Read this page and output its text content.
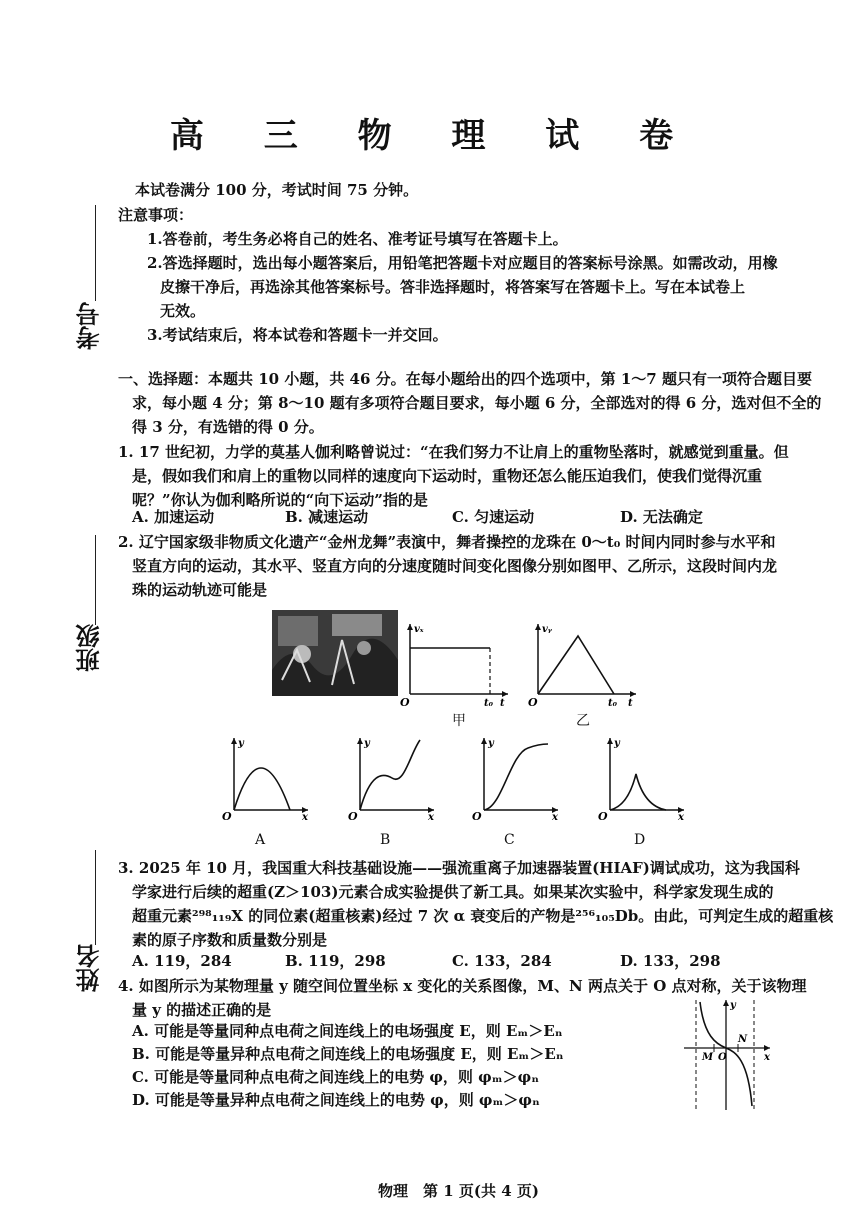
高 三 物 理 试 卷
考号
班级
姓名
本试卷满分 100 分，考试时间 75 分钟。
注意事项：
1.答卷前，考生务必将自己的姓名、准考证号填写在答题卡上。
2.答选择题时，选出每小题答案后，用铅笔把答题卡对应题目的答案标号涂黑。如需改动，用橡
皮擦干净后，再选涂其他答案标号。答非选择题时，将答案写在答题卡上。写在本试卷上
无效。
3.考试结束后，将本试卷和答题卡一并交回。
一、选择题：本题共 10 小题，共 46 分。在每小题给出的四个选项中，第 1～7 题只有一项符合题目要
求，每小题 4 分；第 8～10 题有多项符合题目要求，每小题 6 分，全部选对的得 6 分，选对但不全的
得 3 分，有选错的得 0 分。
1. 17 世纪初，力学的莫基人伽利略曾说过：“在我们努力不让肩上的重物坠落时，就感觉到重量。但
是，假如我们和肩上的重物以同样的速度向下运动时，重物还怎么能压迫我们，使我们觉得沉重
呢？”你认为伽利略所说的“向下运动”指的是
A. 加速运动	B. 减速运动	C. 匀速运动	D. 无法确定
2. 辽宁国家级非物质文化遗产“金州龙舞”表演中，舞者操控的龙珠在 0～t₀ 时间内同时参与水平和
竖直方向的运动，其水平、竖直方向的分速度随时间变化图像分别如图甲、乙所示，这段时间内龙
珠的运动轨迹可能是
vₓ
O	t₀ t
甲
vᵧ
O	t₀ t
乙
y
O	x
A
y
O	x
B
y
O	x
C
y
O	x
D
3. 2025 年 10 月，我国重大科技基础设施——强流重离子加速器装置(HIAF)调试成功，这为我国科
学家进行后续的超重(Z＞103)元素合成实验提供了新工具。如果某次实验中，科学家发现生成的
超重元素²⁹⁸₁₁₉X 的同位素(超重核素)经过 7 次 α 衰变后的产物是²⁵⁶₁₀₅Db。由此，可判定生成的超重核
素的原子序数和质量数分别是
A. 119，284	B. 119，298	C. 133，284	D. 133，298
4. 如图所示为某物理量 y 随空间位置坐标 x 变化的关系图像，M、N 两点关于 O 点对称，关于该物理
量 y 的描述正确的是
A. 可能是等量同种点电荷之间连线上的电场强度 E，则 Eₘ＞Eₙ
B. 可能是等量异种点电荷之间连线上的电场强度 E，则 Eₘ＞Eₙ
C. 可能是等量同种点电荷之间连线上的电势 φ，则 φₘ＞φₙ
D. 可能是等量异种点电荷之间连线上的电势 φ，则 φₘ＞φₙ
y
x
M O
N
物理　第 1 页(共 4 页)
